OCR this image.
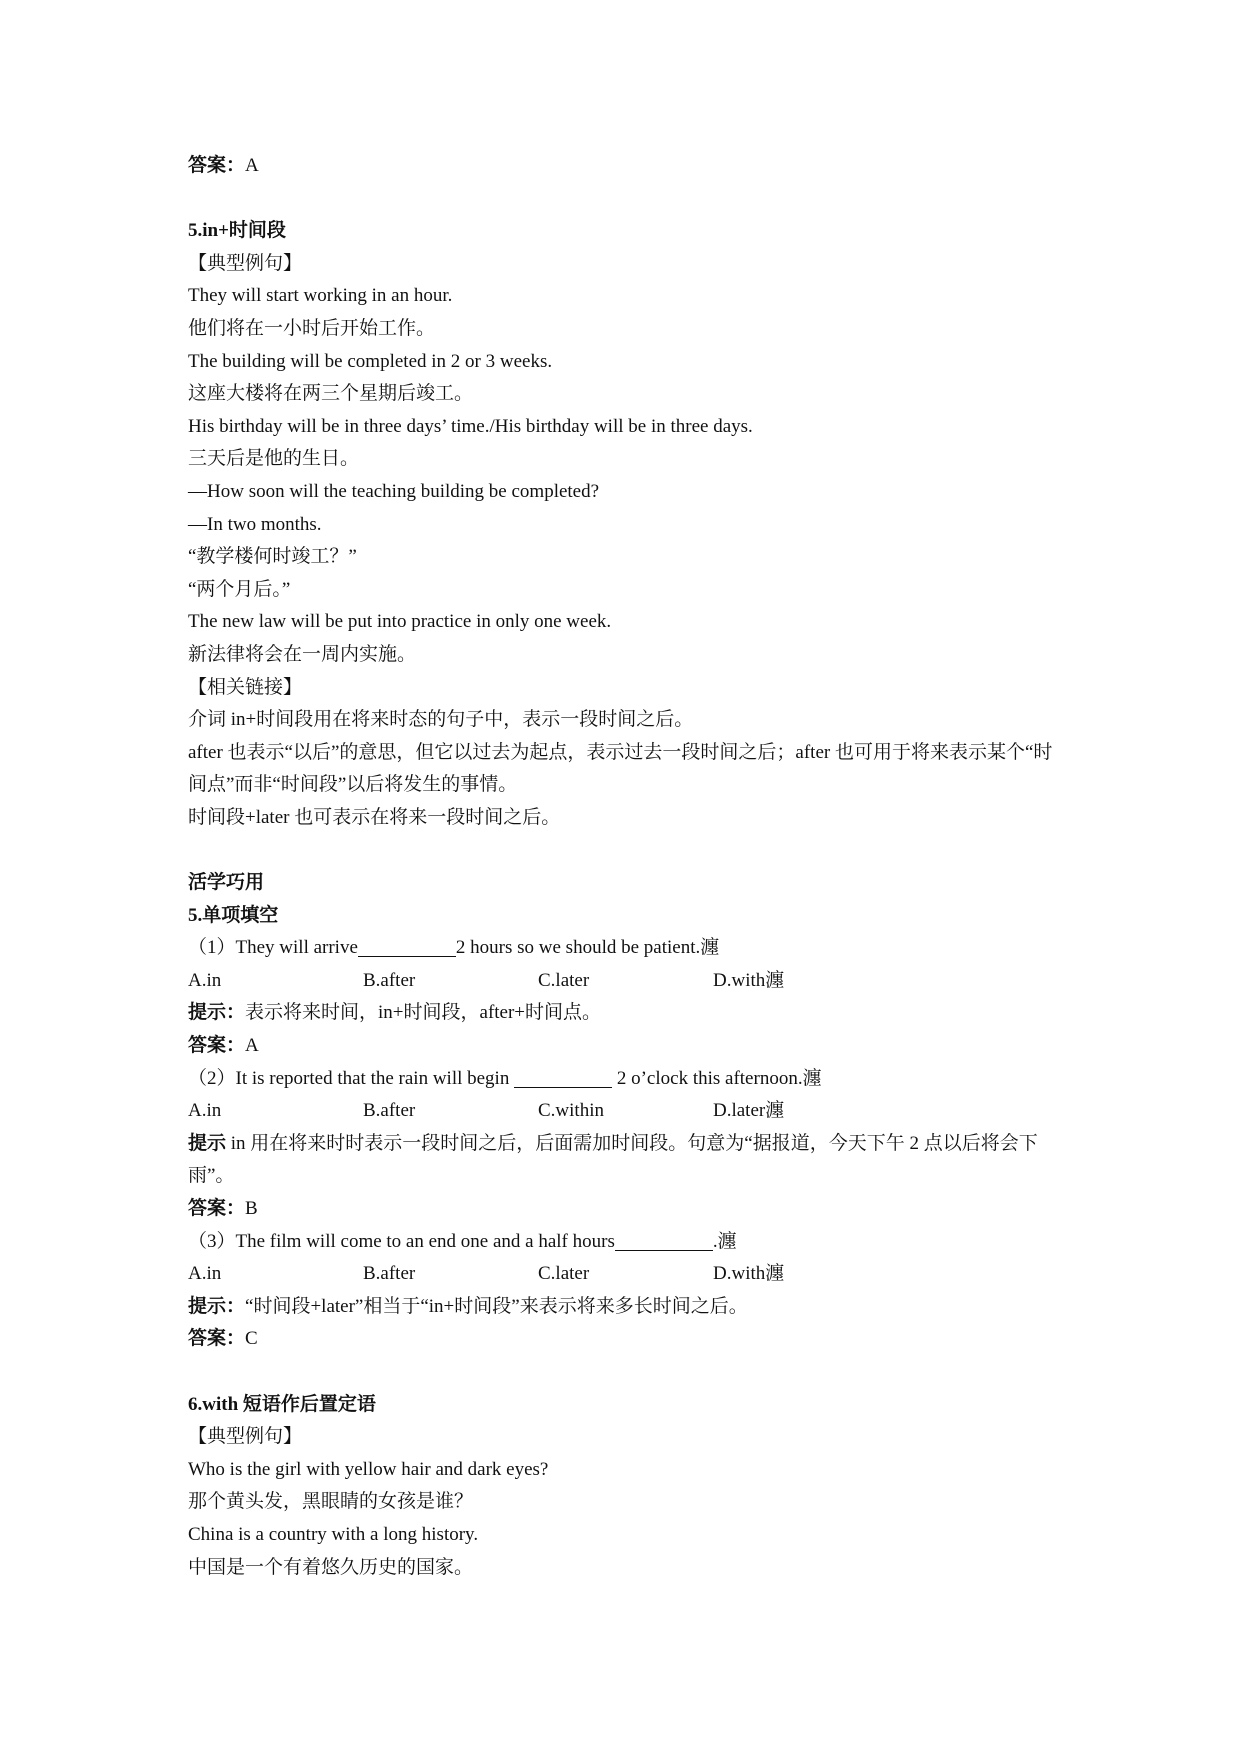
答案：A
5.in+时间段
【典型例句】
They will start working in an hour.
他们将在一小时后开始工作。
The building will be completed in 2 or 3 weeks.
这座大楼将在两三个星期后竣工。
His birthday will be in three days’ time./His birthday will be in three days.
三天后是他的生日。
—How soon will the teaching building be completed?
—In two months.
“教学楼何时竣工？”
“两个月后。”
The new law will be put into practice in only one week.
新法律将会在一周内实施。
【相关链接】
介词 in+时间段用在将来时态的句子中，表示一段时间之后。
after 也表示“以后”的意思，但它以过去为起点，表示过去一段时间之后；after 也可用于将来表示某个“时间点”而非“时间段”以后将发生的事情。
时间段+later 也可表示在将来一段时间之后。
活学巧用
5.单项填空
（1）They will arrive	2 hours so we should be patient.瀍
A.in	B.after	C.later	D.with瀍
提示：表示将来时间，in+时间段，after+时间点。
答案：A
（2）It is reported that the rain will begin	2 o’clock this afternoon.瀍
A.in	B.after	C.within	D.later瀍
提示 in 用在将来时时表示一段时间之后，后面需加时间段。句意为“据报道，今天下午 2 点以后将会下雨”。
答案：B
（3）The film will come to an end one and a half hours	.瀍
A.in	B.after	C.later	D.with瀍
提示：“时间段+later”相当于“in+时间段”来表示将来多长时间之后。
答案：C
6.with 短语作后置定语
【典型例句】
Who is the girl with yellow hair and dark eyes?
那个黄头发，黑眼睛的女孩是谁？
China is a country with a long history.
中国是一个有着悠久历史的国家。
